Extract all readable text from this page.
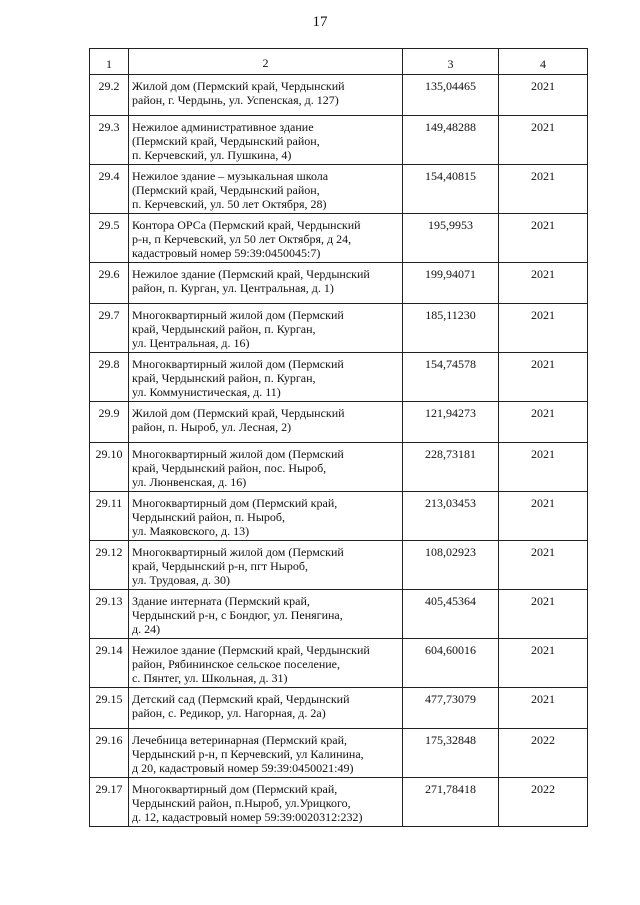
17
1	2	3	4

29.2	Жилой дом (Пермский край, Чердынский
район, г. Чердынь, ул. Успенская, д. 127)	135,04465	2021

29.3	Нежилое административное здание
(Пермский край, Чердынский район,
п. Керчевский, ул. Пушкина, 4)	149,48288	2021

29.4	Нежилое здание – музыкальная школа
(Пермский край, Чердынский район,
п. Керчевский, ул. 50 лет Октября, 28)	154,40815	2021

29.5	Контора ОРСа (Пермский край, Чердынский
р-н, п Керчевский, ул 50 лет Октября, д 24,
кадастровый номер 59:39:0450045:7)	195,9953	2021

29.6	Нежилое здание (Пермский край, Чердынский
район, п. Курган, ул. Центральная, д. 1)	199,94071	2021

29.7	Многоквартирный жилой дом (Пермский
край, Чердынский район, п. Курган,
ул. Центральная, д. 16)	185,11230	2021

29.8	Многоквартирный жилой дом (Пермский
край, Чердынский район, п. Курган,
ул. Коммунистическая, д. 11)	154,74578	2021

29.9	Жилой дом (Пермский край, Чердынский
район, п. Ныроб, ул. Лесная, 2)	121,94273	2021

29.10	Многоквартирный жилой дом (Пермский
край, Чердынский район, пос. Ныроб,
ул. Люнвенская, д. 16)	228,73181	2021

29.11	Многоквартирный дом (Пермский край,
Чердынский район, п. Ныроб,
ул. Маяковского, д. 13)	213,03453	2021

29.12	Многоквартирный жилой дом (Пермский
край, Чердынский р-н, пгт Ныроб,
ул. Трудовая, д. 30)	108,02923	2021

29.13	Здание интерната (Пермский край,
Чердынский р-н, с Бондюг, ул. Пенягина,
д. 24)	405,45364	2021

29.14	Нежилое здание (Пермский край, Чердынский
район, Рябининское сельское поселение,
с. Пянтег, ул. Школьная, д. 31)	604,60016	2021

29.15	Детский сад (Пермский край, Чердынский
район, с. Редикор, ул. Нагорная, д. 2а)	477,73079	2021

29.16	Лечебница ветеринарная (Пермский край,
Чердынский р-н, п Керчевский, ул Калинина,
д 20, кадастровый номер 59:39:0450021:49)	175,32848	2022

29.17	Многоквартирный дом (Пермский край,
Чердынский район, п.Ныроб, ул.Урицкого,
д. 12, кадастровый номер 59:39:0020312:232)	271,78418	2022
